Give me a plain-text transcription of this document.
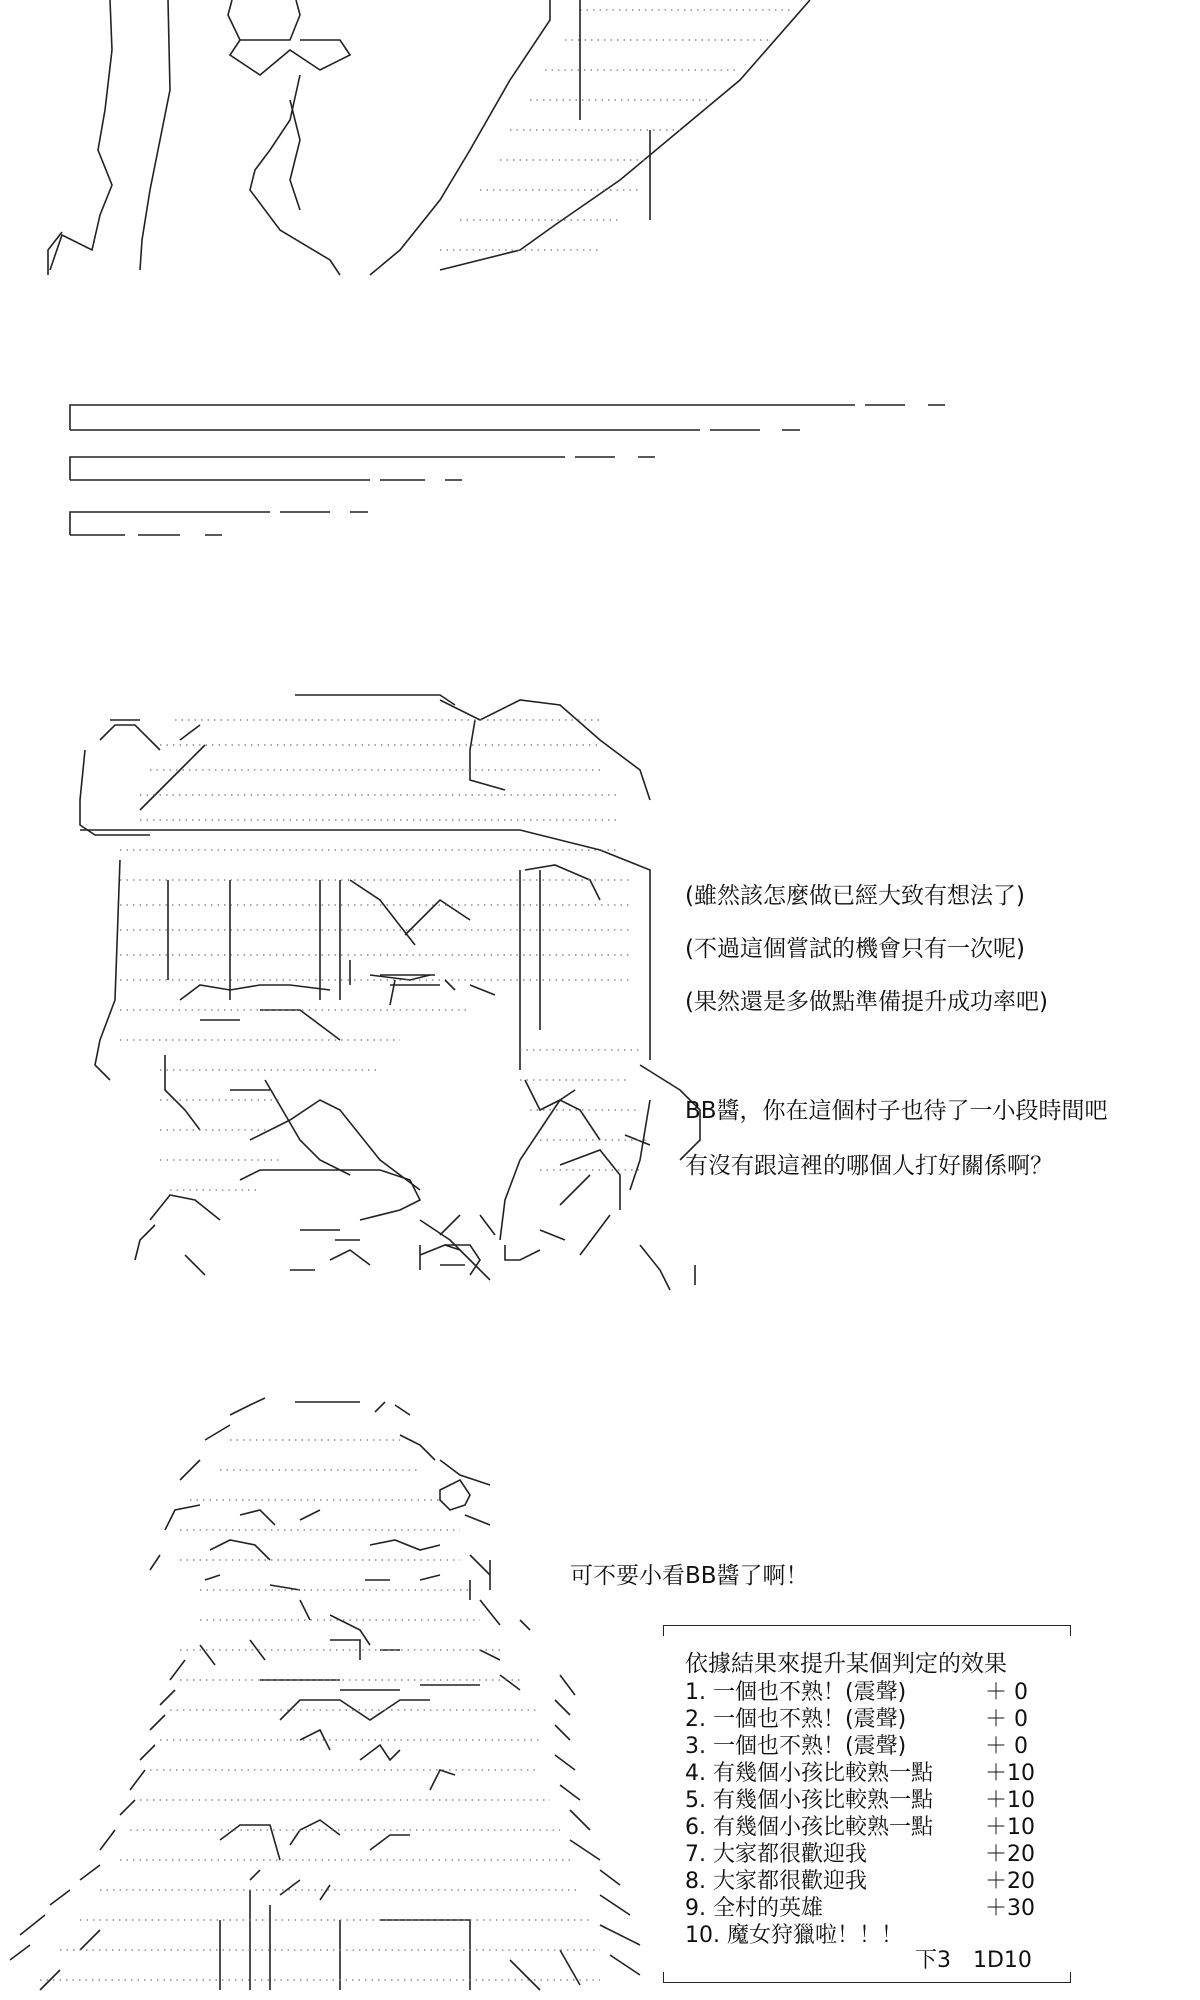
(雖然該怎麼做已經大致有想法了)
(不過這個嘗試的機會只有一次呢)
(果然還是多做點準備提升成功率吧)
BB醬，你在這個村子也待了一小段時間吧
有沒有跟這裡的哪個人打好關係啊？
可不要小看BB醬了啊！
依據結果來提升某個判定的效果
1. 一個也不熟！(震聲)	＋ 0
2. 一個也不熟！(震聲)	＋ 0
3. 一個也不熟！(震聲)	＋ 0
4. 有幾個小孩比較熟一點 ＋10
5. 有幾個小孩比較熟一點 ＋10
6. 有幾個小孩比較熟一點 ＋10
7. 大家都很歡迎我	＋20
8. 大家都很歡迎我	＋20
9. 全村的英雄	＋30
10. 魔女狩獵啦！！！
下3　1D10
